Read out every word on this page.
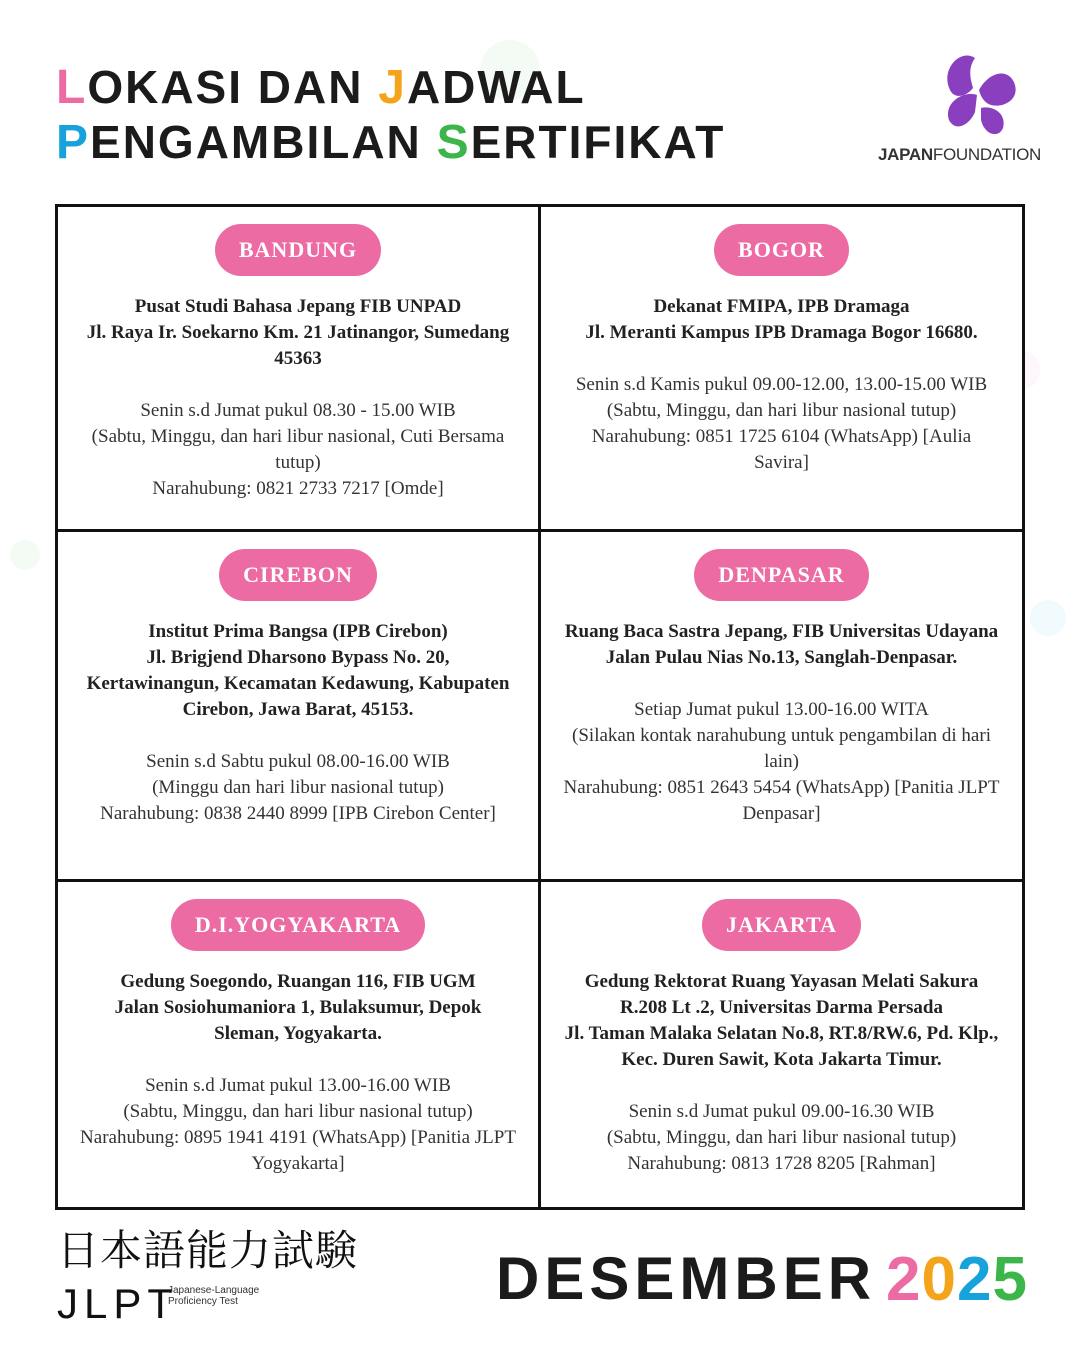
LOKASI DAN JADWAL
PENGAMBILAN SERTIFIKAT	JAPANFOUNDATION
BANDUNG
Pusat Studi Bahasa Jepang FIB UNPAD
Jl. Raya Ir. Soekarno Km. 21 Jatinangor, Sumedang 45363
Senin s.d Jumat pukul 08.30 - 15.00 WIB
(Sabtu, Minggu, dan hari libur nasional, Cuti Bersama tutup)
Narahubung: 0821 2733 7217 [Omde]
BOGOR
Dekanat FMIPA, IPB Dramaga
Jl. Meranti Kampus IPB Dramaga Bogor 16680.
Senin s.d Kamis pukul 09.00-12.00, 13.00-15.00 WIB
(Sabtu, Minggu, dan hari libur nasional tutup)
Narahubung: 0851 1725 6104 (WhatsApp) [Aulia Savira]
CIREBON
Institut Prima Bangsa (IPB Cirebon)
Jl. Brigjend Dharsono Bypass No. 20, Kertawinangun, Kecamatan Kedawung, Kabupaten Cirebon, Jawa Barat, 45153.
Senin s.d Sabtu pukul 08.00-16.00 WIB
(Minggu dan hari libur nasional tutup)
Narahubung: 0838 2440 8999 [IPB Cirebon Center]
DENPASAR
Ruang Baca Sastra Jepang, FIB Universitas Udayana
Jalan Pulau Nias No.13, Sanglah-Denpasar.
Setiap Jumat pukul 13.00-16.00 WITA
(Silakan kontak narahubung untuk pengambilan di hari lain)
Narahubung: 0851 2643 5454 (WhatsApp) [Panitia JLPT Denpasar]
D.I.YOGYAKARTA
Gedung Soegondo, Ruangan 116, FIB UGM
Jalan Sosiohumaniora 1, Bulaksumur, Depok Sleman, Yogyakarta.
Senin s.d Jumat pukul 13.00-16.00 WIB
(Sabtu, Minggu, dan hari libur nasional tutup)
Narahubung: 0895 1941 4191 (WhatsApp) [Panitia JLPT Yogyakarta]
JAKARTA
Gedung Rektorat Ruang Yayasan Melati Sakura R.208 Lt .2, Universitas Darma Persada
Jl. Taman Malaka Selatan No.8, RT.8/RW.6, Pd. Klp., Kec. Duren Sawit, Kota Jakarta Timur.
Senin s.d Jumat pukul 09.00-16.30 WIB
(Sabtu, Minggu, dan hari libur nasional tutup)
Narahubung: 0813 1728 8205 [Rahman]
日本語能力試験
JLPT
Japanese-Language Proficiency Test	DESEMBER 2025
